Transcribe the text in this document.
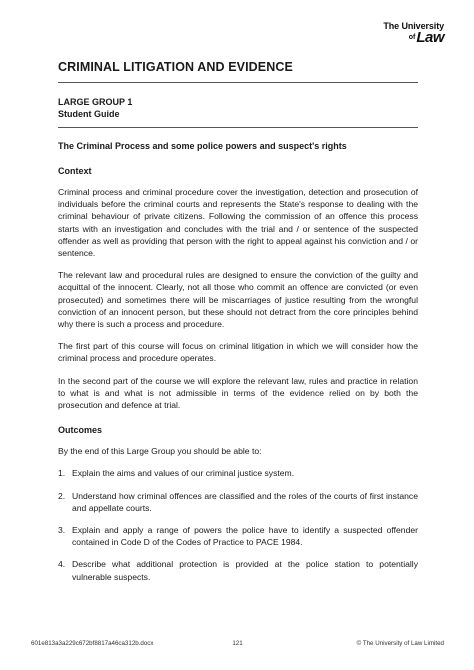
The University
ofLaw
CRIMINAL LITIGATION AND EVIDENCE
LARGE GROUP 1
Student Guide
The Criminal Process and some police powers and suspect's rights
Context

Criminal process and criminal procedure cover the investigation, detection and prosecution of individuals before the criminal courts and represents the State's response to dealing with the criminal behaviour of private citizens. Following the commission of an offence this process starts with an investigation and concludes with the trial and / or sentence of the suspected offender as well as providing that person with the right to appeal against his conviction and / or sentence.

The relevant law and procedural rules are designed to ensure the conviction of the guilty and acquittal of the innocent. Clearly, not all those who commit an offence are convicted (or even prosecuted) and sometimes there will be miscarriages of justice resulting from the wrongful conviction of an innocent person, but these should not detract from the core principles behind why there is such a process and procedure.

The first part of this course will focus on criminal litigation in which we will consider how the criminal process and procedure operates.

In the second part of the course we will explore the relevant law, rules and practice in relation to what is and what is not admissible in terms of the evidence relied on by both the prosecution and defence at trial.

Outcomes

By the end of this Large Group you should be able to:

1. Explain the aims and values of our criminal justice system.
2. Understand how criminal offences are classified and the roles of the courts of first instance and appellate courts.
3. Explain and apply a range of powers the police have to identify a suspected offender contained in Code D of the Codes of Practice to PACE 1984.
4. Describe what additional protection is provided at the police station to potentially vulnerable suspects.
601e813a3a229c672bf8817a46ca312b.docx	121	© The University of Law Limited
